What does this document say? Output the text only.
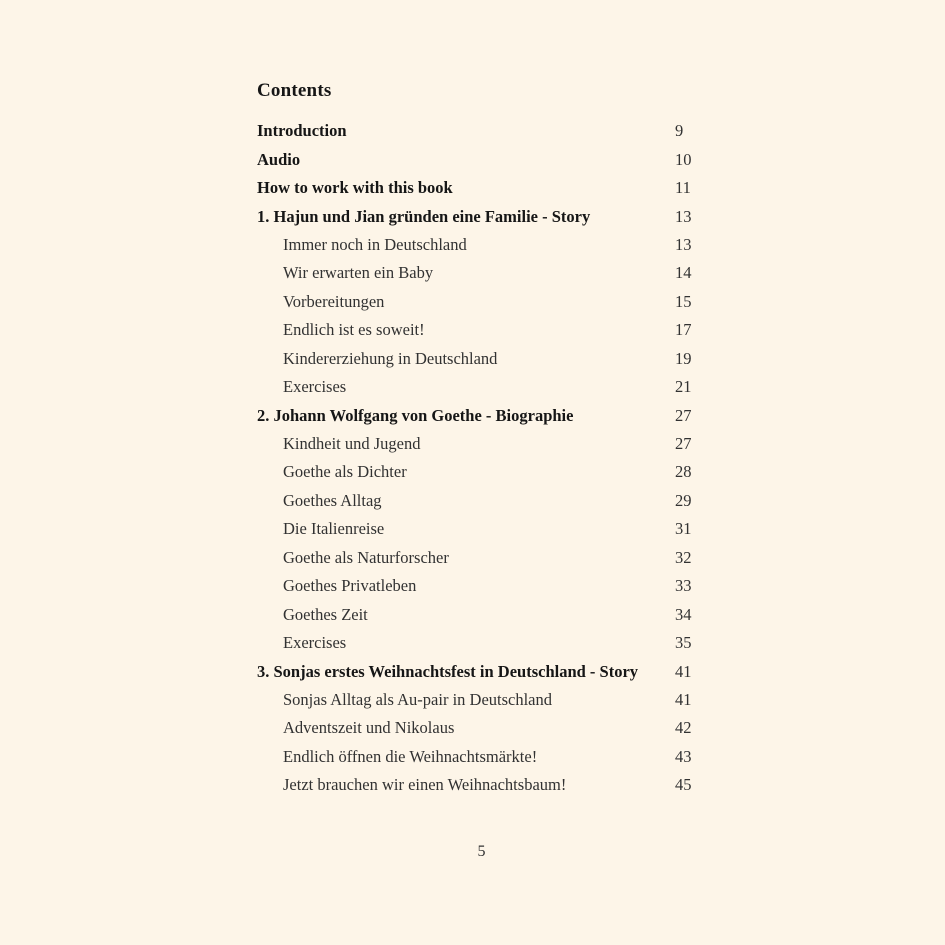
Contents
Introduction	9
Audio	10
How to work with this book	11
1. Hajun und Jian gründen eine Familie - Story	13
Immer noch in Deutschland	13
Wir erwarten ein Baby	14
Vorbereitungen	15
Endlich ist es soweit!	17
Kindererziehung in Deutschland	19
Exercises	21
2. Johann Wolfgang von Goethe - Biographie	27
Kindheit und Jugend	27
Goethe als Dichter	28
Goethes Alltag	29
Die Italienreise	31
Goethe als Naturforscher	32
Goethes Privatleben	33
Goethes Zeit	34
Exercises	35
3. Sonjas erstes Weihnachtsfest in Deutschland - Story 41
Sonjas Alltag als Au-pair in Deutschland	41
Adventszeit und Nikolaus	42
Endlich öffnen die Weihnachtsmärkte!	43
Jetzt brauchen wir einen Weihnachtsbaum!	45
5
